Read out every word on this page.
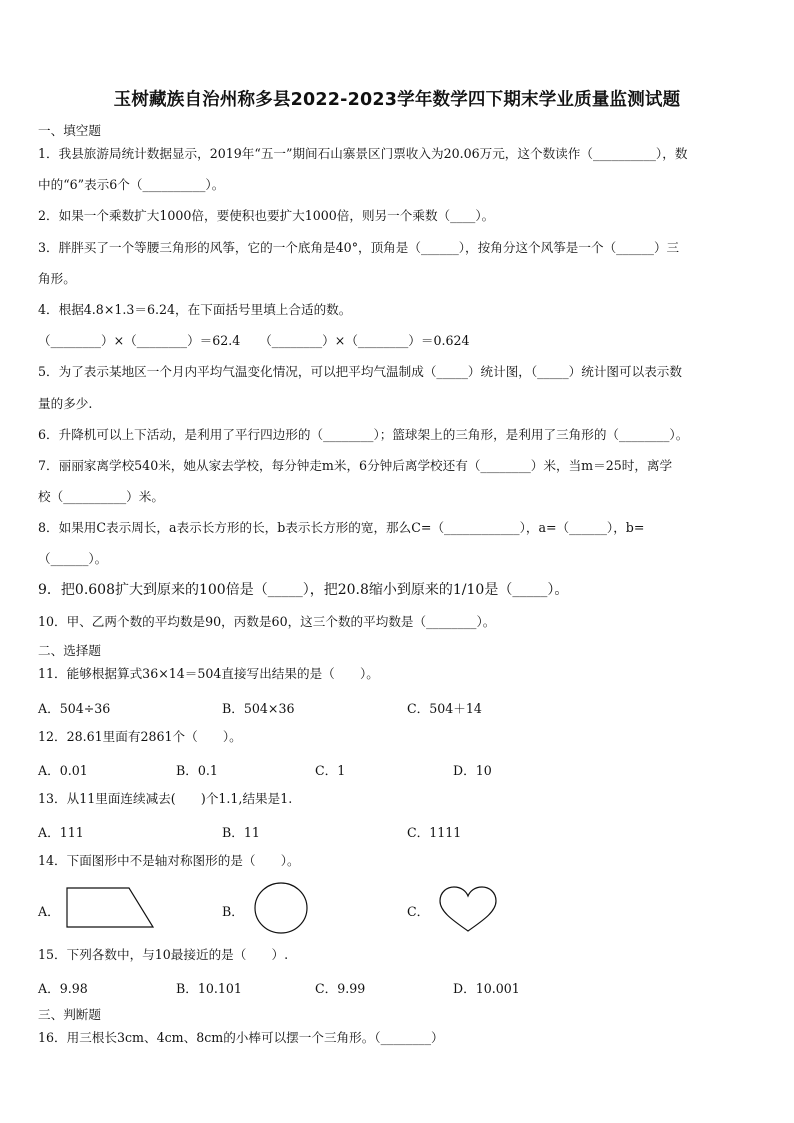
玉树藏族自治州称多县2022-2023学年数学四下期末学业质量监测试题
一、填空题
1．我县旅游局统计数据显示，2019年“五一”期间石山寨景区门票收入为20.06万元，这个数读作（__________），数
中的“6”表示6个（__________）。
2．如果一个乘数扩大1000倍，要使积也要扩大1000倍，则另一个乘数（____）。
3．胖胖买了一个等腰三角形的风筝，它的一个底角是40°，顶角是（______），按角分这个风筝是一个（______）三
角形。
4．根据4.8×1.3＝6.24，在下面括号里填上合适的数。
（________）×（________）＝62.4　　（________）×（________）＝0.624
5．为了表示某地区一个月内平均气温变化情况，可以把平均气温制成（_____）统计图，（_____）统计图可以表示数
量的多少.
6．升降机可以上下活动，是利用了平行四边形的（________）；篮球架上的三角形，是利用了三角形的（________）。
7．丽丽家离学校540米，她从家去学校，每分钟走m米，6分钟后离学校还有（________）米，当m＝25时，离学
校（__________）米。
8．如果用C表示周长，a表示长方形的长，b表示长方形的宽，那么C=（____________），a=（______），b=
（______）。
9．把0.608扩大到原来的100倍是（_____），把20.8缩小到原来的1/10是（_____）。
10．甲、乙两个数的平均数是90，丙数是60，这三个数的平均数是（________）。
二、选择题
11．能够根据算式36×14＝504直接写出结果的是（　　）。
A．504÷36	B．504×36	C．504＋14
12．28.61里面有2861个（　　）。
A．0.01	B．0.1	C．1	D．10
13．从11里面连续减去(　　)个1.1,结果是1.
A．111	B．11	C．1111
14．下面图形中不是轴对称图形的是（　　）。
A．	B．	C．
15．下列各数中，与10最接近的是（　　）.
A．9.98	B．10.101	C．9.99	D．10.001
三、判断题
16．用三根长3cm、4cm、8cm的小棒可以摆一个三角形。（________）
